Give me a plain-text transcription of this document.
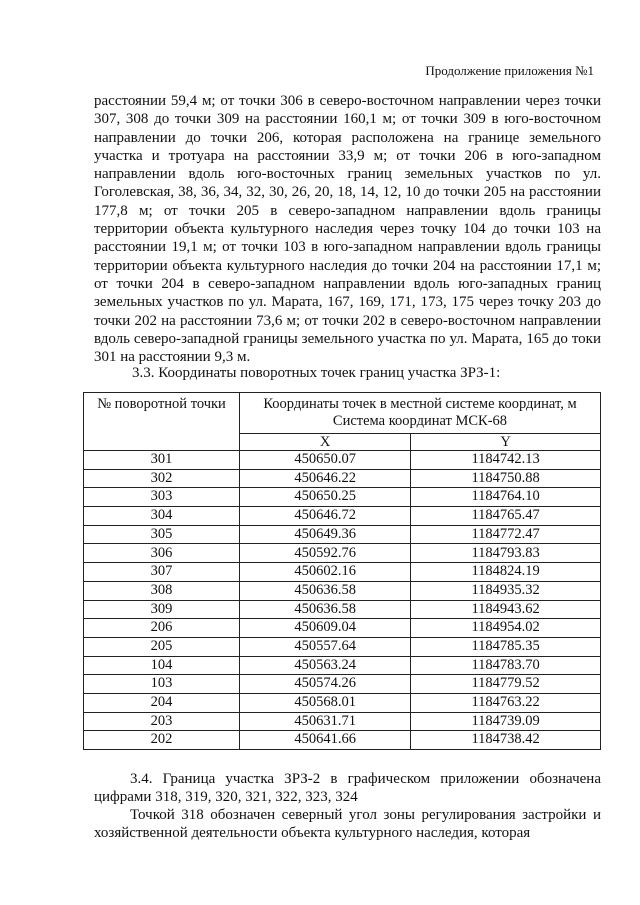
Продолжение приложения №1

расстоянии 59,4 м; от точки 306 в северо-восточном направлении через точки 307, 308 до точки 309 на расстоянии 160,1 м; от точки 309 в юго-восточном направлении до точки 206, которая расположена на границе земельного участка и тротуара на расстоянии 33,9 м; от точки 206 в юго-западном направлении вдоль юго-восточных границ земельных участков по ул. Гоголевская, 38, 36, 34, 32, 30, 26, 20, 18, 14, 12, 10 до точки 205 на расстоянии 177,8 м; от точки 205 в северо-западном направлении вдоль границы территории объекта культурного наследия через точку 104 до точки 103 на расстоянии 19,1 м; от точки 103 в юго-западном направлении вдоль границы территории объекта культурного наследия до точки 204 на расстоянии 17,1 м; от точки 204 в северо-западном направлении вдоль юго-западных границ земельных участков по ул. Марата, 167, 169, 171, 173, 175 через точку 203 до точки 202 на расстоянии 73,6 м; от точки 202 в северо-восточном направлении вдоль северо-западной границы земельного участка по ул. Марата, 165 до токи 301 на расстоянии 9,3 м.

3.3. Координаты поворотных точек границ участка ЗРЗ-1:
№ поворотной точки	Координаты точек в местной системе координат, м Система координат МСК-68	
	X	Y
301	450650.07	1184742.13
302	450646.22	1184750.88
303	450650.25	1184764.10
304	450646.72	1184765.47
305	450649.36	1184772.47
306	450592.76	1184793.83
307	450602.16	1184824.19
308	450636.58	1184935.32
309	450636.58	1184943.62
206	450609.04	1184954.02
205	450557.64	1184785.35
104	450563.24	1184783.70
103	450574.26	1184779.52
204	450568.01	1184763.22
203	450631.71	1184739.09
202	450641.66	1184738.42

3.4. Граница участка ЗРЗ-2 в графическом приложении обозначена цифрами 318, 319, 320, 321, 322, 323, 324

Точкой 318 обозначен северный угол зоны регулирования застройки и хозяйственной деятельности объекта культурного наследия, которая
